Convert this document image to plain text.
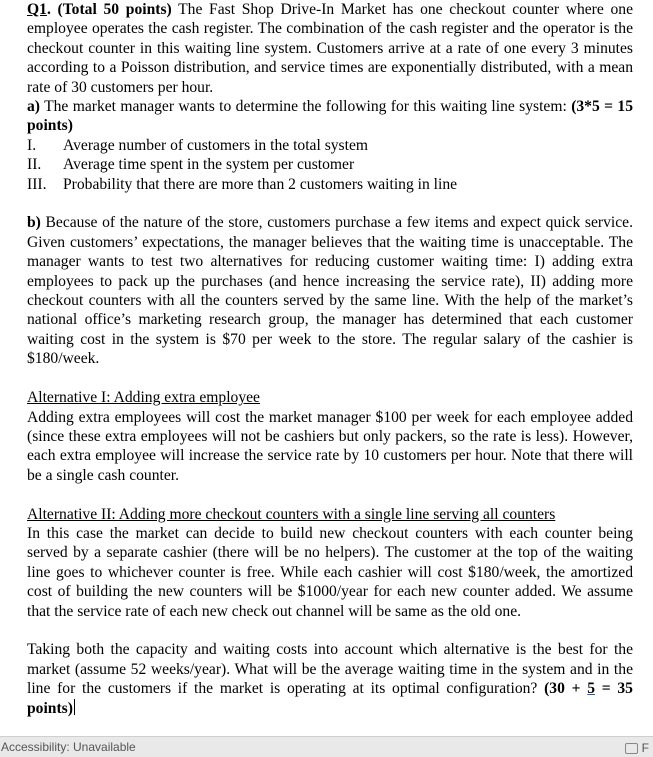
Q1. (Total 50 points) The Fast Shop Drive-In Market has one checkout counter where one employee operates the cash register. The combination of the cash register and the operator is the checkout counter in this waiting line system. Customers arrive at a rate of one every 3 minutes according to a Poisson distribution, and service times are exponentially distributed, with a mean rate of 30 customers per hour.

a) The market manager wants to determine the following for this waiting line system: (3*5 = 15 points)

I.	Average number of customers in the total system
II.	Average time spent in the system per customer
III.	Probability that there are more than 2 customers waiting in line

b) Because of the nature of the store, customers purchase a few items and expect quick service. Given customers’ expectations, the manager believes that the waiting time is unacceptable. The manager wants to test two alternatives for reducing customer waiting time: I) adding extra employees to pack up the purchases (and hence increasing the service rate), II) adding more checkout counters with all the counters served by the same line. With the help of the market’s national office’s marketing research group, the manager has determined that each customer waiting cost in the system is $70 per week to the store. The regular salary of the cashier is $180/week.

Alternative I: Adding extra employee

Adding extra employees will cost the market manager $100 per week for each employee added (since these extra employees will not be cashiers but only packers, so the rate is less). However, each extra employee will increase the service rate by 10 customers per hour. Note that there will be a single cash counter.

Alternative II: Adding more checkout counters with a single line serving all counters

In this case the market can decide to build new checkout counters with each counter being served by a separate cashier (there will be no helpers). The customer at the top of the waiting line goes to whichever counter is free. While each cashier will cost $180/week, the amortized cost of building the new counters will be $1000/year for each new counter added. We assume that the service rate of each new check out channel will be same as the old one.

Taking both the capacity and waiting costs into account which alternative is the best for the market (assume 52 weeks/year). What will be the average waiting time in the system and in the line for the customers if the market is operating at its optimal configuration? (30 + 5 = 35 points)

Accessibility: Unavailable	F
